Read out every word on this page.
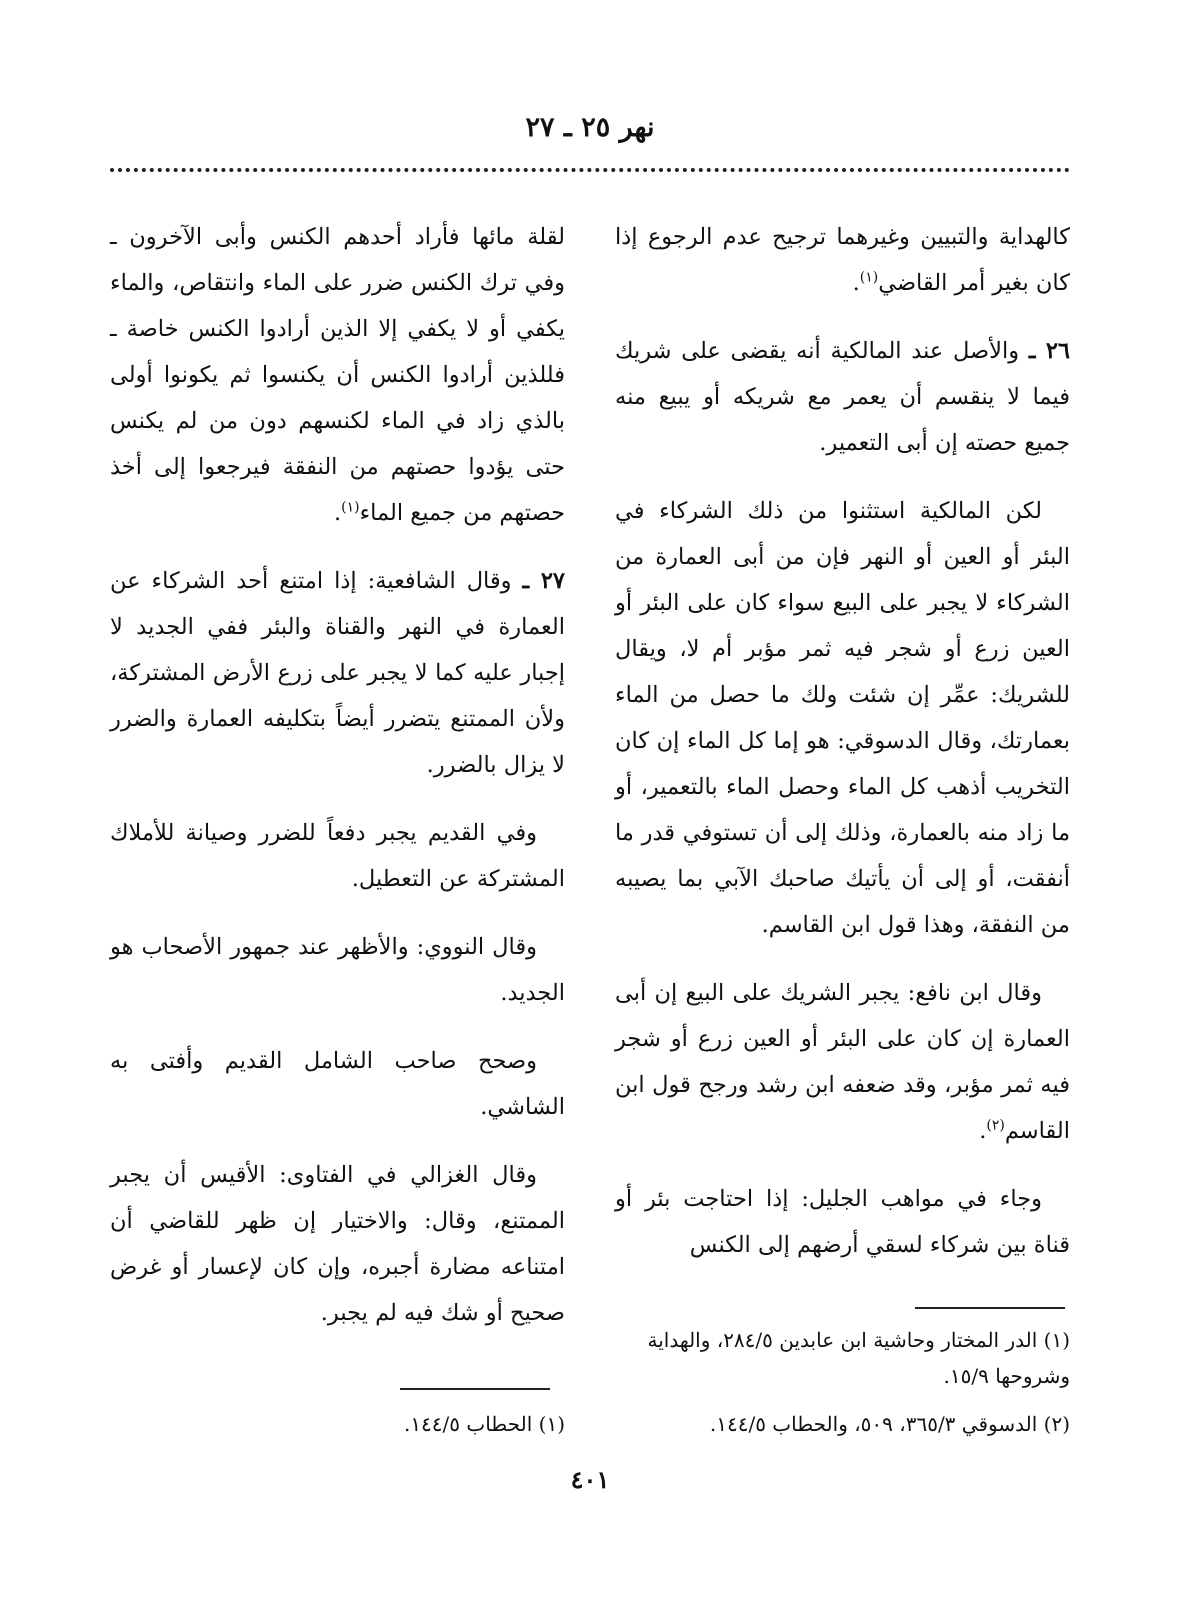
نهر ٢٥ ـ ٢٧

كالهداية والتبيين وغيرهما ترجيح عدم الرجوع إذا كان بغير أمر القاضي$^{(١)}$.

٢٦ ـ والأصل عند المالكية أنه يقضى على شريك فيما لا ينقسم أن يعمر مع شريكه أو يبيع منه جميع حصته إن أبى التعمير.

لكن المالكية استثنوا من ذلك الشركاء في البئر أو العين أو النهر فإن من أبى العمارة من الشركاء لا يجبر على البيع سواء كان على البئر أو العين زرع أو شجر فيه ثمر مؤبر أم لا، ويقال للشريك: عمِّر إن شئت ولك ما حصل من الماء بعمارتك، وقال الدسوقي: هو إما كل الماء إن كان التخريب أذهب كل الماء وحصل الماء بالتعمير، أو ما زاد منه بالعمارة، وذلك إلى أن تستوفي قدر ما أنفقت، أو إلى أن يأتيك صاحبك الآبي بما يصيبه من النفقة، وهذا قول ابن القاسم.

وقال ابن نافع: يجبر الشريك على البيع إن أبى العمارة إن كان على البئر أو العين زرع أو شجر فيه ثمر مؤبر، وقد ضعفه ابن رشد ورجح قول ابن القاسم$^{(٢)}$.

وجاء في مواهب الجليل: إذا احتاجت بئر أو قناة بين شركاء لسقي أرضهم إلى الكنس

لقلة مائها فأراد أحدهم الكنس وأبى الآخرون ـ وفي ترك الكنس ضرر على الماء وانتقاص، والماء يكفي أو لا يكفي إلا الذين أرادوا الكنس خاصة ـ فللذين أرادوا الكنس أن يكنسوا ثم يكونوا أولى بالذي زاد في الماء لكنسهم دون من لم يكنس حتى يؤدوا حصتهم من النفقة فيرجعوا إلى أخذ حصتهم من جميع الماء$^{(١)}$.

٢٧ ـ وقال الشافعية: إذا امتنع أحد الشركاء عن العمارة في النهر والقناة والبئر ففي الجديد لا إجبار عليه كما لا يجبر على زرع الأرض المشتركة، ولأن الممتنع يتضرر أيضاً بتكليفه العمارة والضرر لا يزال بالضرر.

وفي القديم يجبر دفعاً للضرر وصيانة للأملاك المشتركة عن التعطيل.

وقال النووي: والأظهر عند جمهور الأصحاب هو الجديد.

وصحح صاحب الشامل القديم وأفتى به الشاشي.

وقال الغزالي في الفتاوى: الأقيس أن يجبر الممتنع، وقال: والاختيار إن ظهر للقاضي أن امتناعه مضارة أجبره، وإن كان لإعسار أو غرض صحيح أو شك فيه لم يجبر.

(١) الدر المختار وحاشية ابن عابدين ٢٨٤/٥، والهداية وشروحها ١٥/٩.
(٢) الدسوقي ٣٦٥/٣، ٥٠٩، والحطاب ١٤٤/٥.
(١) الحطاب ١٤٤/٥.
٤٠١
